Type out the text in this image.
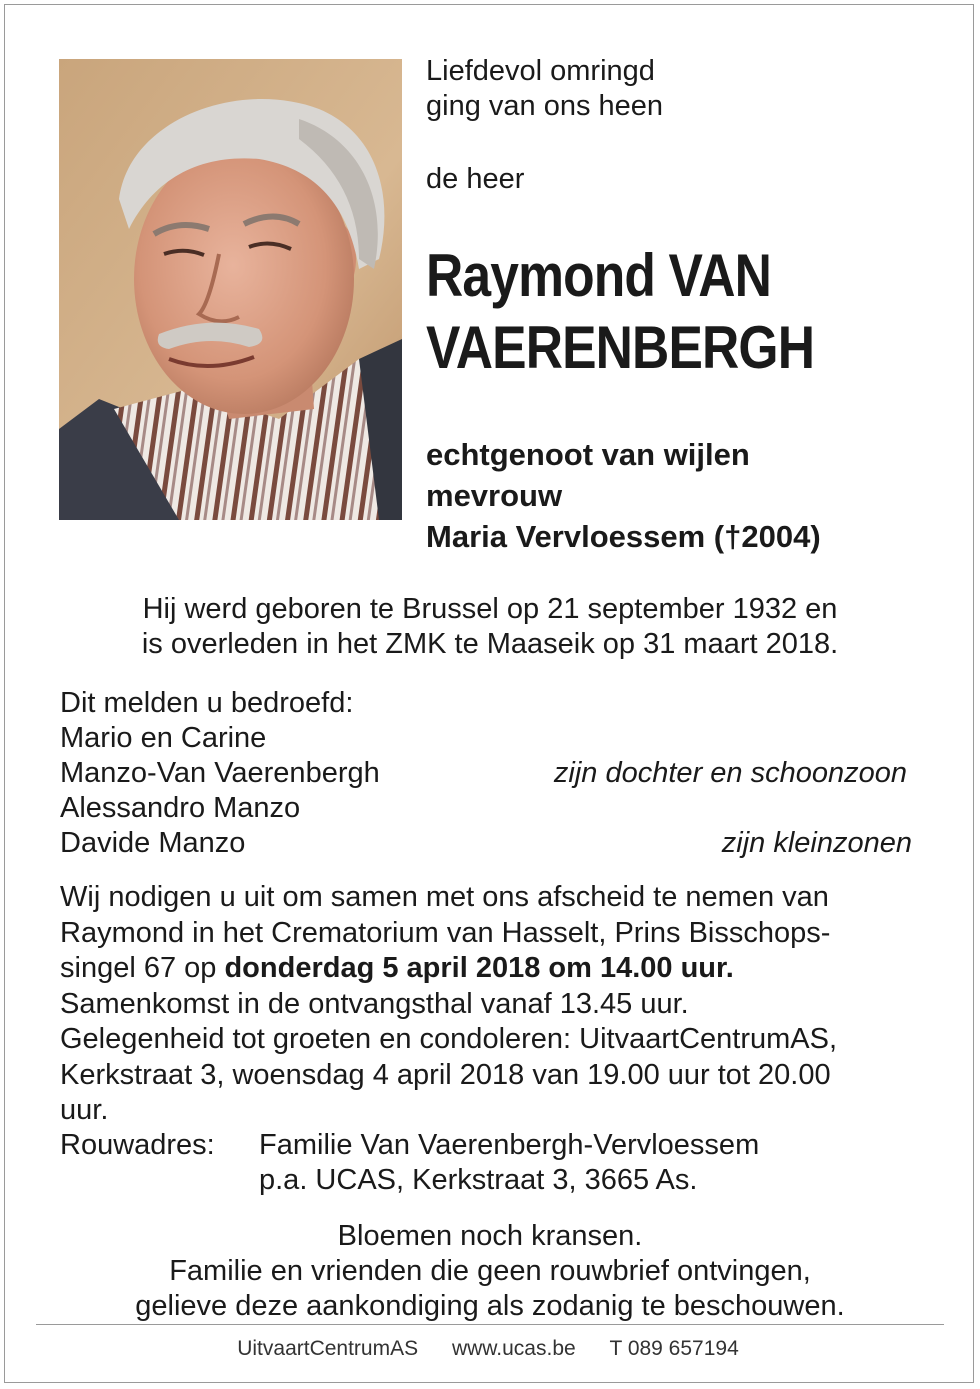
Liefdevol omringd
ging van ons heen

de heer

Raymond VAN
VAERENBERGH

echtgenoot van wijlen
mevrouw
Maria Vervloessem (†2004)

Hij werd geboren te Brussel op 21 september 1932 en
is overleden in het ZMK te Maaseik op 31 maart 2018.

Dit melden u bedroefd:

Mario en Carine
Manzo-Van Vaerenbergh	zijn dochter en schoonzoon
Alessandro Manzo
Davide Manzo	zijn kleinzonen

Wij nodigen u uit om samen met ons afscheid te nemen van
Raymond in het Crematorium van Hasselt, Prins Bisschops-
singel 67 op donderdag 5 april 2018 om 14.00 uur.
Samenkomst in de ontvangsthal vanaf 13.45 uur.
Gelegenheid tot groeten en condoleren: UitvaartCentrumAS,
Kerkstraat 3, woensdag 4 april 2018 van 19.00 uur tot 20.00
uur.

Rouwadres: Familie Van Vaerenbergh-Vervloessem
p.a. UCAS, Kerkstraat 3, 3665 As.

Bloemen noch kransen.
Familie en vrienden die geen rouwbrief ontvingen,
gelieve deze aankondiging als zodanig te beschouwen.

UitvaartCentrumAS www.ucas.be T 089 657194
